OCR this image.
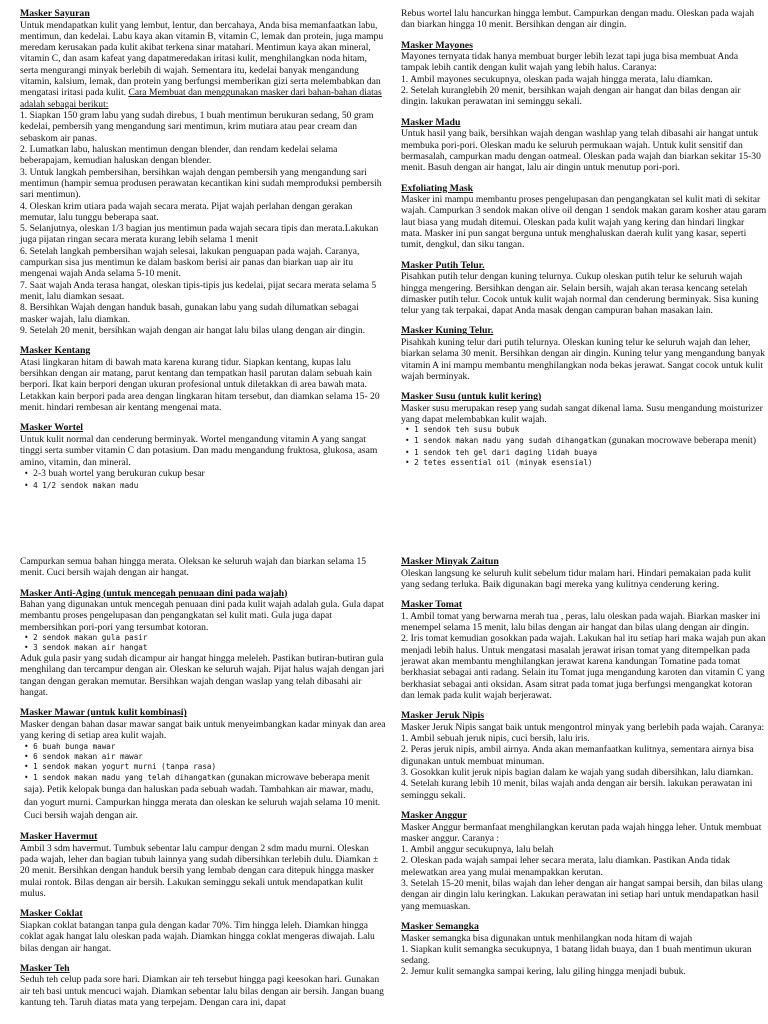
Masker Sayuran

Untuk mendapatkan kulit yang lembut, lentur, dan bercahaya, Anda bisa memanfaatkan labu, mentimun, dan kedelai. Labu kaya akan vitamin B, vitamin C, lemak dan protein, juga mampu meredam kerusakan pada kulit akibat terkena sinar matahari. Mentimun kaya akan mineral, vitamin C, dan asam kafeat yang dapatmeredakan iritasi kulit, menghilangkan noda hitam, serta mengurangi minyak berlebih di wajah. Sementara itu, kedelai banyak mengandung vitamin, kalsium, lemak, dan protein yang berfungsi memberikan gizi serta melembabkan dan mengatasi iritasi pada kulit. Cara Membuat dan menggunakan masker dari bahan-bahan diatas adalah sebagai berikut:

1. Siapkan 150 gram labu yang sudah direbus, 1 buah mentimun berukuran sedang, 50 gram kedelai, pembersih yang mengandung sari mentimun, krim mutiara atau pear cream dan sebaskom air panas.

2. Lumatkan labu, haluskan mentimun dengan blender, dan rendam kedelai selama beberapajam, kemudian haluskan dengan blender.

3. Untuk langkah pembersihan, bersihkan wajah dengan pembersih yang mengandung sari mentimun (hampir semua produsen perawatan kecantikan kini sudah memproduksi pembersih sari mentimun).

4. Oleskan krim utiara pada wajah secara merata. Pijat wajah perlahan dengan gerakan memutar, lalu tunggu beberapa saat.

5. Selanjutnya, oleskan 1/3 bagian jus mentimun pada wajah secara tipis dan merata.Lakukan juga pijatan ringan secara merata kurang lebih selama 1 menit

6. Setelah langkah pembersihan wajah selesai, lakukan penguapan pada wajah. Caranya, campurkan sisa jus mentimun ke dalam baskom berisi air panas dan biarkan uap air itu mengenai wajah Anda selama 5-10 menit.

7. Saat wajah Anda terasa hangat, oleskan tipis-tipis jus kedelai, pijat secara merata selama 5 menit, lalu diamkan sesaat.

8. Bersihkan Wajah dengan handuk basah, gunakan labu yang sudah dilumatkan sebagai masker wajah, lalu diamkan.

9. Setelah 20 menit, bersihkan wajah dengan air hangat lalu bilas ulang dengan air dingin.

Masker Kentang

Atasi lingkaran hitam di bawah mata karena kurang tidur. Siapkan kentang, kupas lalu bersihkan dengan air matang, parut kentang dan tempatkan hasil parutan dalam sebuah kain berpori. Ikat kain berpori dengan ukuran profesional untuk diletakkan di area bawah mata. Letakkan kain berpori pada area dengan lingkaran hitam tersebut, dan diamkan selama 15- 20 menit. hindari rembesan air kentang mengenai mata.

Masker Wortel

Untuk kulit normal dan cenderung berminyak. Wortel mengandung vitamin A yang sangat tinggi serta sumber vitamin C dan potasium. Dan madu mengandung fruktosa, glukosa, asam amino, vitamin, dan mineral.

• 2-3 buah wortel yang berukuran cukup besar
• 4 1/2 sendok makan madu

Rebus wortel lalu hancurkan hingga lembut. Campurkan dengan madu. Oleskan pada wajah dan biarkan hingga 10 menit. Bersihkan dengan air dingin.

Masker Mayones

Mayones ternyata tidak hanya membuat burger lebih lezat tapi juga bisa membuat Anda tampak lebih cantik dengan kulit wajah yang lebih halus. Caranya:

1. Ambil mayones secukupnya, oleskan pada wajah hingga merata, lalu diamkan.

2. Setelah kuranglebih 20 menit, bersihkan wajah dengan air hangat dan bilas dengan air dingin. lakukan perawatan ini seminggu sekali.

Masker Madu

Untuk hasil yang baik, bersihkan wajah dengan washlap yang telah dibasahi air hangat untuk membuka pori-pori. Oleskan madu ke seluruh permukaan wajah. Untuk kulit sensitif dan bermasalah, campurkan madu dengan oatmeal. Oleskan pada wajah dan biarkan sekitar 15-30 menit. Basuh dengan air hangat, lalu air dingin untuk menutup pori-pori.

Exfoliating Mask

Masker ini mampu membantu proses pengelupasan dan pengangkatan sel kulit mati di sekitar wajah. Campurkan 3 sendok makan olive oil dengan 1 sendok makan garam kosher atau garam laut biasa yang mudah ditemui. Oleskan pada kulit wajah yang kering dan hindari lingkar mata. Masker ini pun sangat berguna untuk menghaluskan daerah kulit yang kasar, seperti tumit, dengkul, dan siku tangan.

Masker Putih Telur.

Pisahkan putih telur dengan kuning telurnya. Cukup oleskan putih telur ke seluruh wajah hingga mengering. Bersihkan dengan air. Selain bersih, wajah akan terasa kencang setelah dimasker putih telur. Cocok untuk kulit wajah normal dan cenderung berminyak. Sisa kuning telur yang tak terpakai, dapat Anda masak dengan campuran bahan masakan lain.

Masker Kuning Telur.

Pisahkah kuning telur dari putih telurnya. Oleskan kuning telur ke seluruh wajah dan leher, biarkan selama 30 menit. Bersihkan dengan air dingin. Kuning telur yang mengandung banyak vitamin A ini mampu membantu menghilangkan noda bekas jerawat. Sangat cocok untuk kulit wajah berminyak.

Masker Susu (untuk kulit kering)

Masker susu merupakan resep yang sudah sangat dikenal lama. Susu mengandung moisturizer yang dapat melembabkan kulit wajah.

• 1 sendok teh susu bubuk
• 1 sendok makan madu yang sudah dihangatkan (gunakan mocrowave beberapa menit)
• 1 sendok teh gel dari daging lidah buaya
• 2 tetes essential oil (minyak esensial)

Campurkan semua bahan hingga merata. Oleksan ke seluruh wajah dan biarkan selama 15 menit. Cuci bersih wajah dengan air hangat.

Masker Anti-Aging (untuk mencegah penuaan dini pada wajah)

Bahan yang digunakan untuk mencegah penuaan dini pada kulit wajah adalah gula. Gula dapat membantu proses pengelupasan dan pengangkatan sel kulit mati. Gula juga dapat membersihkan pori-pori yang tersumbat kotoran.

• 2 sendok makan gula pasir
• 3 sendok makan air hangat

Aduk gula pasir yang sudah dicampur air hangat hingga meleleh. Pastikan butiran-butiran gula menghilang dan tercampur dengan air. Oleskan ke seluruh wajah. Pijat halus wajah dengan jari tangan dengan gerakan memutar. Bersihkan wajah dengan waslap yang telah dibasahi air hangat.

Masker Mawar (untuk kulit kombinasi)

Masker dengan bahan dasar mawar sangat baik untuk menyeimbangkan kadar minyak dan area yang kering di setiap area kulit wajah.

• 6 buah bunga mawar
• 6 sendok makan air mawar
• 1 sendok makan yogurt murni (tanpa rasa)
• 1 sendok makan madu yang telah dihangatkan (gunakan microwave beberapa menit saja). Petik kelopak bunga dan haluskan pada sebuah wadah. Tambahkan air mawar, madu, dan yogurt murni. Campurkan hingga merata dan oleskan ke seluruh wajah selama 10 menit. Cuci bersih wajah dengan air.
Masker Havermut

Ambil 3 sdm havermut. Tumbuk sebentar lalu campur dengan 2 sdm madu murni. Oleskan pada wajah, leher dan bagian tubuh lainnya yang sudah dibersihkan terlebih dulu. Diamkan ± 20 menit. Bersihkan dengan handuk bersih yang lembab dengan cara ditepuk hingga masker mulai rontok. Bilas dengan air bersih. Lakukan seminggu sekali untuk mendapatkan kulit mulus.

Masker Coklat

Siapkan coklat batangan tanpa gula dengan kadar 70%. Tim hingga leleh. Diamkan hingga coklat agak hangat lalu oleskan pada wajah. Diamkan hingga coklat mengeras diwajah. Lalu bilas dengan air hangat.

Masker Teh

Seduh teh celup pada sore hari. Diamkan air teh tersebut hingga pagi keesokan hari. Gunakan air teh basi untuk mencuci wajah. Diamkan sebentar lalu bilas dengan air bersih. Jangan buang kantung teh. Taruh diatas mata yang terpejam. Dengan cara ini, dapat

Masker Minyak Zaitun

Oleskan langsung ke seluruh kulit sebelum tidur malam hari. Hindari pemakaian pada kulit yang sedang terluka. Baik digunakan bagi mereka yang kulitnya cenderung kering.

Masker Tomat

1. Ambil tomat yang berwarna merah tua , peras, lalu oleskan pada wajah. Biarkan masker ini menempel selama 15 menit, lalu bilas dengan air hangat dan bilas ulang dengan air dingin.

2. Iris tomat kemudian gosokkan pada wajah. Lakukan hal itu setiap hari maka wajah pun akan menjadi lebih halus. Untuk mengatasi masalah jerawat irisan tomat yang ditempelkan pada jerawat akan membantu menghilangkan jerawat karena kandungan Tomatine pada tomat berkhasiat sebagai anti radang. Selain itu Tomat juga mengandung karoten dan vitamin C yang berkhasiat sebagai anti oksidan. Asam sitrat pada tomat juga berfungsi mengangkat kotoran dan lemak pada kulit wajah berjerawat.

Masker Jeruk Nipis

Masker Jeruk Nipis sangat baik untuk mengontrol minyak yang berlebih pada wajah. Caranya:

1. Ambil sebuah jeruk nipis, cuci bersih, lalu iris.

2. Peras jeruk nipis, ambil airnya. Anda akan memanfaatkan kulitnya, sementara airnya bisa digunakan untuk membuat minuman.

3. Gosokkan kulit jeruk nipis bagian dalam ke wajah yang sudah dibersihkan, lalu diamkan.

4. Setelah kurang lebih 10 menit, bilas wajah anda dengan air bersih. lakukan perawatan ini seminggu sekali.

Masker Anggur

Masker Anggur bermanfaat menghilangkan kerutan pada wajah hingga leher. Untuk membuat masker anggur. Caranya :

1. Ambil anggur secukupnya, lalu belah

2. Oleskan pada wajah sampai leher secara merata, lalu diamkan. Pastikan Anda tidak melewatkan area yang mulai menampakkan kerutan.

3. Setelah 15-20 menit, bilas wajah dan leher dengan air hangat sampai bersih, dan bilas ulang dengan air dingin lalu keringkan. Lakukan perawatan ini setiap hari untuk mendapatkan hasil yang memuaskan.

Masker Semangka

Masker semangka bisa digunakan untuk menhilangkan noda hitam di wajah

1. Siapkan kulit semangka secukupnya, 1 batang lidah buaya, dan 1 buah mentimun ukuran sedang.

2. Jemur kulit semangka sampai kering, lalu giling hingga menjadi bubuk.
